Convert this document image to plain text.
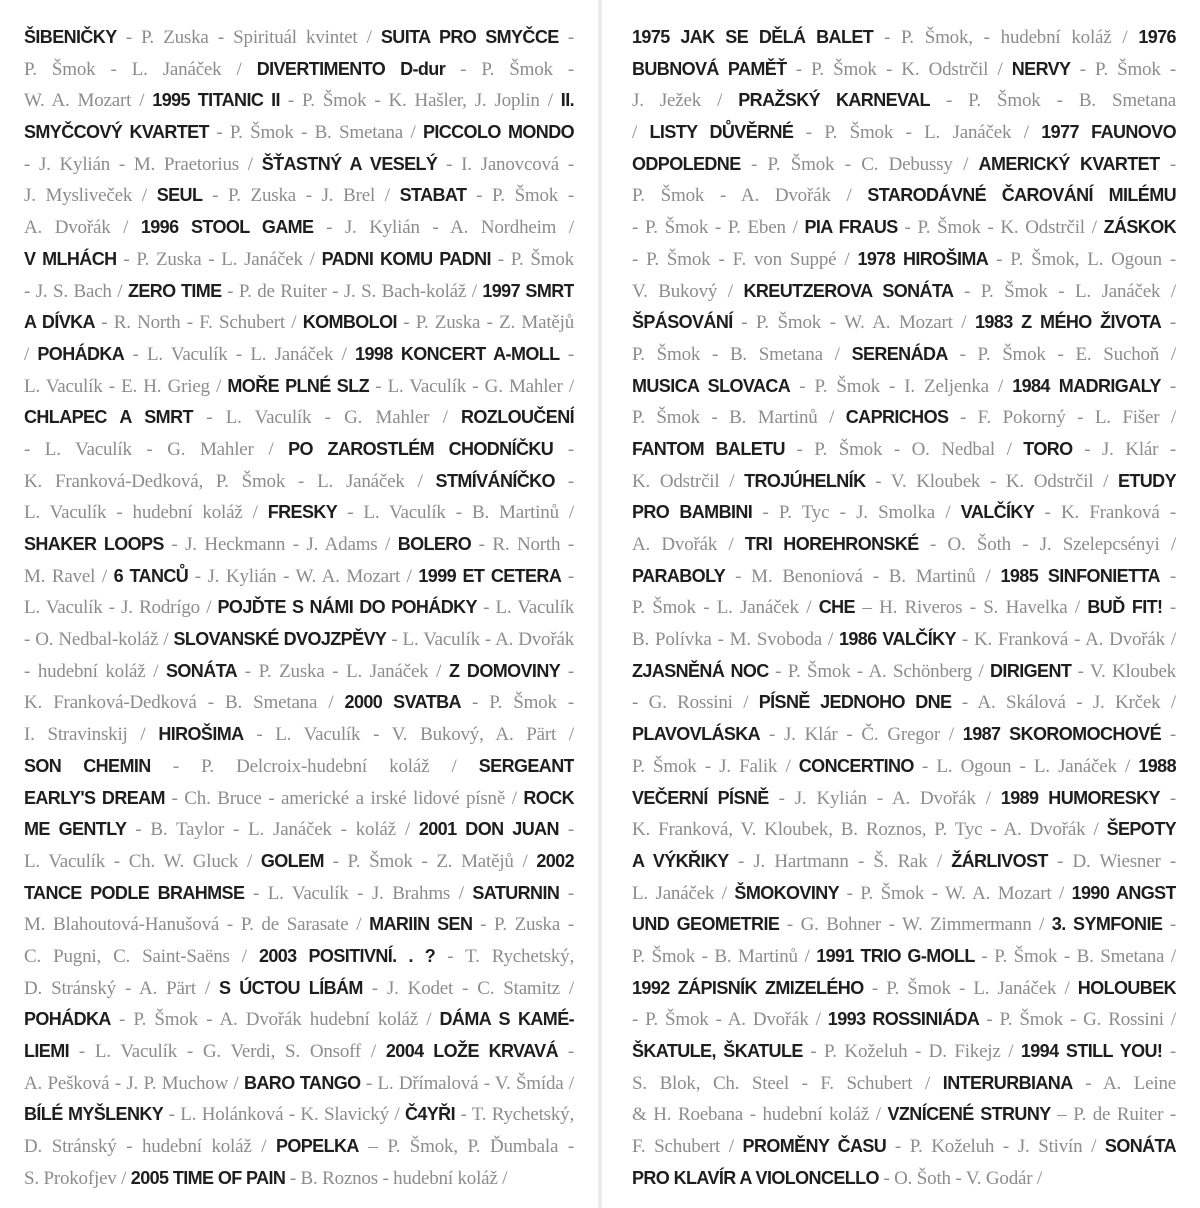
ŠIBENIČKY - P. Zuska - Spirituál kvintet / SUITA PRO SMYČCE -
P. Šmok - L. Janáček / DIVERTIMENTO D-dur - P. Šmok -
W. A. Mozart / 1995 TITANIC II - P. Šmok - K. Hašler, J. Joplin / II.
SMYČCOVÝ KVARTET - P. Šmok - B. Smetana / PICCOLO MONDO
- J. Kylián - M. Praetorius / ŠŤASTNÝ A VESELÝ - I. Janovcová -
J. Mysliveček / SEUL - P. Zuska - J. Brel / STABAT - P. Šmok -
A. Dvořák / 1996 STOOL GAME - J. Kylián - A. Nordheim /
V MLHÁCH - P. Zuska - L. Janáček / PADNI KOMU PADNI - P. Šmok
- J. S. Bach / ZERO TIME - P. de Ruiter - J. S. Bach-koláž / 1997 SMRT
A DÍVKA - R. North - F. Schubert / KOMBOLOI - P. Zuska - Z. Matějů
/ POHÁDKA - L. Vaculík - L. Janáček / 1998 KONCERT A-MOLL -
L. Vaculík - E. H. Grieg / MOŘE PLNÉ SLZ - L. Vaculík - G. Mahler /
CHLAPEC A SMRT - L. Vaculík - G. Mahler / ROZLOUČENÍ
- L. Vaculík - G. Mahler / PO ZAROSTLÉM CHODNÍČKU -
K. Franková-Dedková, P. Šmok - L. Janáček / STMÍVÁNÍČKO -
L. Vaculík - hudební koláž / FRESKY - L. Vaculík - B. Martinů /
SHAKER LOOPS - J. Heckmann - J. Adams / BOLERO - R. North -
M. Ravel / 6 TANCŮ - J. Kylián - W. A. Mozart / 1999 ET CETERA -
L. Vaculík - J. Rodrígo / POJĎTE S NÁMI DO POHÁDKY - L. Vaculík
- O. Nedbal-koláž / SLOVANSKÉ DVOJZPĚVY - L. Vaculík - A. Dvořák
- hudební koláž / SONÁTA - P. Zuska - L. Janáček / Z DOMOVINY -
K. Franková-Dedková - B. Smetana / 2000 SVATBA - P. Šmok -
I. Stravinskij / HIROŠIMA - L. Vaculík - V. Bukový, A. Pärt /
SON CHEMIN - P. Delcroix-hudební koláž / SERGEANT
EARLY'S DREAM - Ch. Bruce - americké a irské lidové písně / ROCK
ME GENTLY - B. Taylor - L. Janáček - koláž / 2001 DON JUAN -
L. Vaculík - Ch. W. Gluck / GOLEM - P. Šmok - Z. Matějů / 2002
TANCE PODLE BRAHMSE - L. Vaculík - J. Brahms / SATURNIN -
M. Blahoutová-Hanušová - P. de Sarasate / MARIIN SEN - P. Zuska -
C. Pugni, C. Saint-Saëns / 2003 POSITIVNÍ. . ? - T. Rychetský,
D. Stránský - A. Pärt / S ÚCTOU LÍBÁM - J. Kodet - C. Stamitz /
POHÁDKA - P. Šmok - A. Dvořák hudební koláž / DÁMA S KAMÉ-
LIEMI - L. Vaculík - G. Verdi, S. Onsoff / 2004 LOŽE KRVAVÁ -
A. Pešková - J. P. Muchow / BARO TANGO - L. Dřímalová - V. Šmída /
BÍLÉ MYŠLENKY - L. Holánková - K. Slavický / Č4YŘI - T. Rychetský,
D. Stránský - hudební koláž / POPELKA – P. Šmok, P. Ďumbala -
S. Prokofjev / 2005 TIME OF PAIN - B. Roznos - hudební koláž /
1975 JAK SE DĚLÁ BALET - P. Šmok, - hudební koláž / 1976
BUBNOVÁ PAMĚŤ - P. Šmok - K. Odstrčil / NERVY - P. Šmok -
J. Ježek / PRAŽSKÝ KARNEVAL - P. Šmok - B. Smetana
/ LISTY DŮVĚRNÉ - P. Šmok - L. Janáček / 1977 FAUNOVO
ODPOLEDNE - P. Šmok - C. Debussy / AMERICKÝ KVARTET -
P. Šmok - A. Dvořák / STARODÁVNÉ ČAROVÁNÍ MILÉMU
- P. Šmok - P. Eben / PIA FRAUS - P. Šmok - K. Odstrčil / ZÁSKOK
- P. Šmok - F. von Suppé / 1978 HIROŠIMA - P. Šmok, L. Ogoun -
V. Bukový / KREUTZEROVA SONÁTA - P. Šmok - L. Janáček /
ŠPÁSOVÁNÍ - P. Šmok - W. A. Mozart / 1983 Z MÉHO ŽIVOTA -
P. Šmok - B. Smetana / SERENÁDA - P. Šmok - E. Suchoň /
MUSICA SLOVACA - P. Šmok - I. Zeljenka / 1984 MADRIGALY -
P. Šmok - B. Martinů / CAPRICHOS - F. Pokorný - L. Fišer /
FANTOM BALETU - P. Šmok - O. Nedbal / TORO - J. Klár -
K. Odstrčil / TROJÚHELNÍK - V. Kloubek - K. Odstrčil / ETUDY
PRO BAMBINI - P. Tyc - J. Smolka / VALČÍKY - K. Franková -
A. Dvořák / TRI HOREHRONSKÉ - O. Šoth - J. Szelepcsényi /
PARABOLY - M. Benoniová - B. Martinů / 1985 SINFONIETTA -
P. Šmok - L. Janáček / CHE – H. Riveros - S. Havelka / BUĎ FIT! -
B. Polívka - M. Svoboda / 1986 VALČÍKY - K. Franková - A. Dvořák /
ZJASNĚNÁ NOC - P. Šmok - A. Schönberg / DIRIGENT - V. Kloubek
- G. Rossini / PÍSNĚ JEDNOHO DNE - A. Skálová - J. Krček /
PLAVOVLÁSKA - J. Klár - Č. Gregor / 1987 SKOROMOCHOVÉ -
P. Šmok - J. Falik / CONCERTINO - L. Ogoun - L. Janáček / 1988
VEČERNÍ PÍSNĚ - J. Kylián - A. Dvořák / 1989 HUMORESKY -
K. Franková, V. Kloubek, B. Roznos, P. Tyc - A. Dvořák / ŠEPOTY
A VÝKŘIKY - J. Hartmann - Š. Rak / ŽÁRLIVOST - D. Wiesner -
L. Janáček / ŠMOKOVINY - P. Šmok - W. A. Mozart / 1990 ANGST
UND GEOMETRIE - G. Bohner - W. Zimmermann / 3. SYMFONIE -
P. Šmok - B. Martinů / 1991 TRIO G-MOLL - P. Šmok - B. Smetana /
1992 ZÁPISNÍK ZMIZELÉHO - P. Šmok - L. Janáček / HOLOUBEK
- P. Šmok - A. Dvořák / 1993 ROSSINIÁDA - P. Šmok - G. Rossini /
ŠKATULE, ŠKATULE - P. Koželuh - D. Fikejz / 1994 STILL YOU! -
S. Blok, Ch. Steel - F. Schubert / INTERURBIANA - A. Leine
& H. Roebana - hudební koláž / VZNÍCENÉ STRUNY – P. de Ruiter -
F. Schubert / PROMĚNY ČASU - P. Koželuh - J. Stivín / SONÁTA
PRO KLAVÍR A VIOLONCELLO - O. Šoth - V. Godár /
